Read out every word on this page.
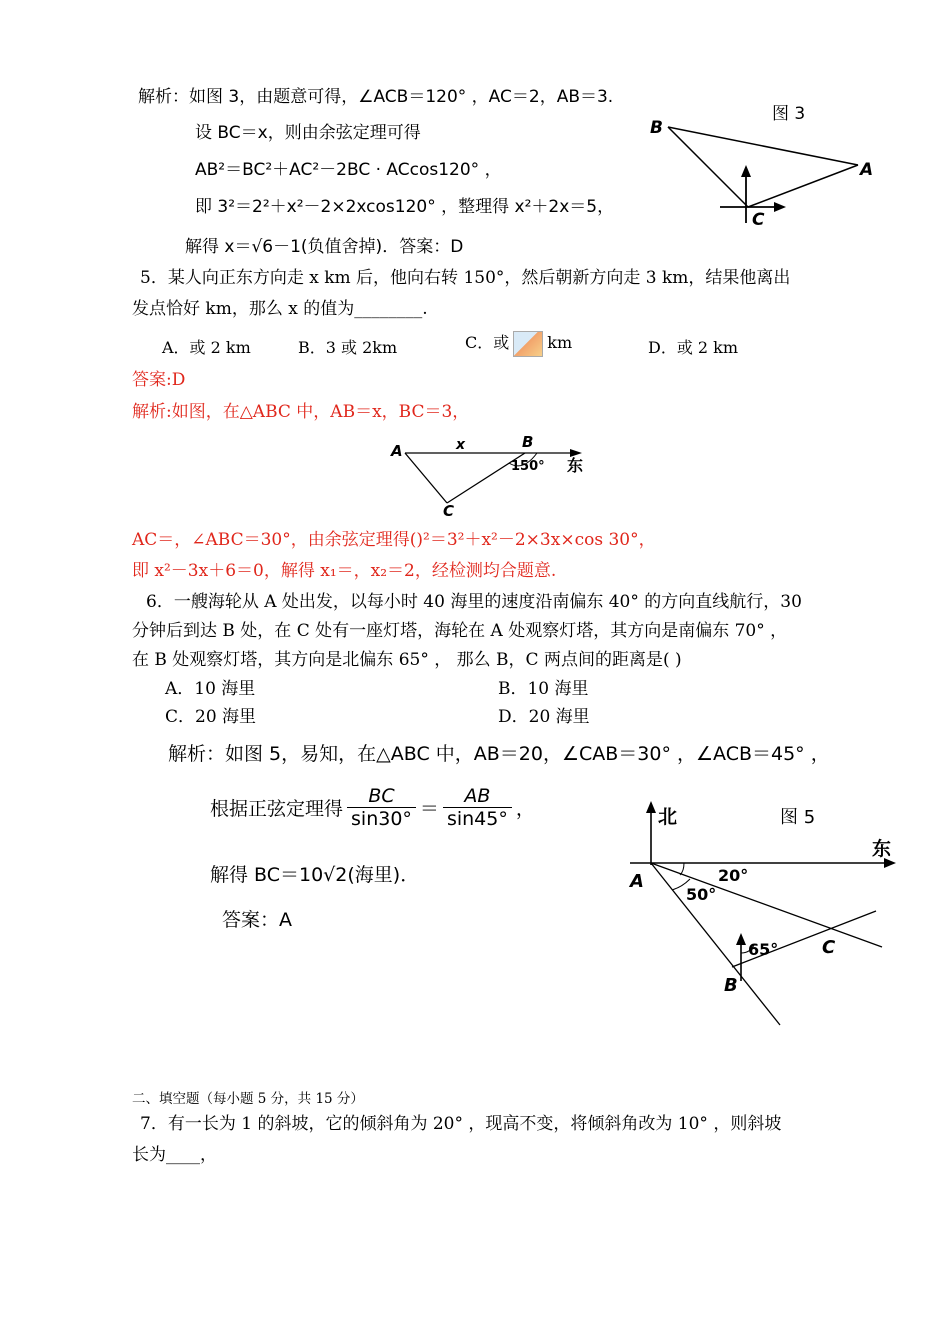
解析：如图 3，由题意可得，∠ACB＝120° ，AC＝2，AB＝3.
设 BC＝x，则由余弦定理可得
AB²＝BC²＋AC²－2BC · ACcos120° ，
即 3²＝2²＋x²－2×2xcos120° ，整理得 x²＋2x＝5，
解得 x＝√6－1(负值舍掉)．答案：D
图 3
B
A
C
5．某人向正东方向走 x km 后，他向右转 150°，然后朝新方向走 3 km，结果他离出
发点恰好 km，那么 x 的值为________.
A．或 2 km	B．3 或 2km	C．或 km	D．或 2 km
答案:D
解析:如图，在△ABC 中，AB＝x，BC＝3，
A	x	B
150° 东
C
AC＝，∠ABC＝30°，由余弦定理得()²＝3²＋x²－2×3x×cos 30°，
即 x²－3x＋6＝0，解得 x₁＝，x₂＝2，经检测均合题意.
6．一艘海轮从 A 处出发，以每小时 40 海里的速度沿南偏东 40° 的方向直线航行，30
分钟后到达 B 处，在 C 处有一座灯塔，海轮在 A 处观察灯塔，其方向是南偏东 70° ，
在 B 处观察灯塔，其方向是北偏东 65° ， 那么 B，C 两点间的距离是( )
A．10 海里	B．10 海里
C．20 海里	D．20 海里
解析：如图 5，易知，在△ABC 中，AB＝20，∠CAB＝30° ，∠ACB＝45° ，
根据正弦定理得 $\frac{BC}{\sin 30^\circ} = \frac{AB}{\sin 45^\circ}$ ，
解得 BC＝10√2(海里)．
答案：A
图 5
北
东
A	20°
50°
65° C
B
二、填空题（每小题 5 分，共 15 分）
7．有一长为 1 的斜坡，它的倾斜角为 20° ，现高不变，将倾斜角改为 10° ，则斜坡
长为____，
